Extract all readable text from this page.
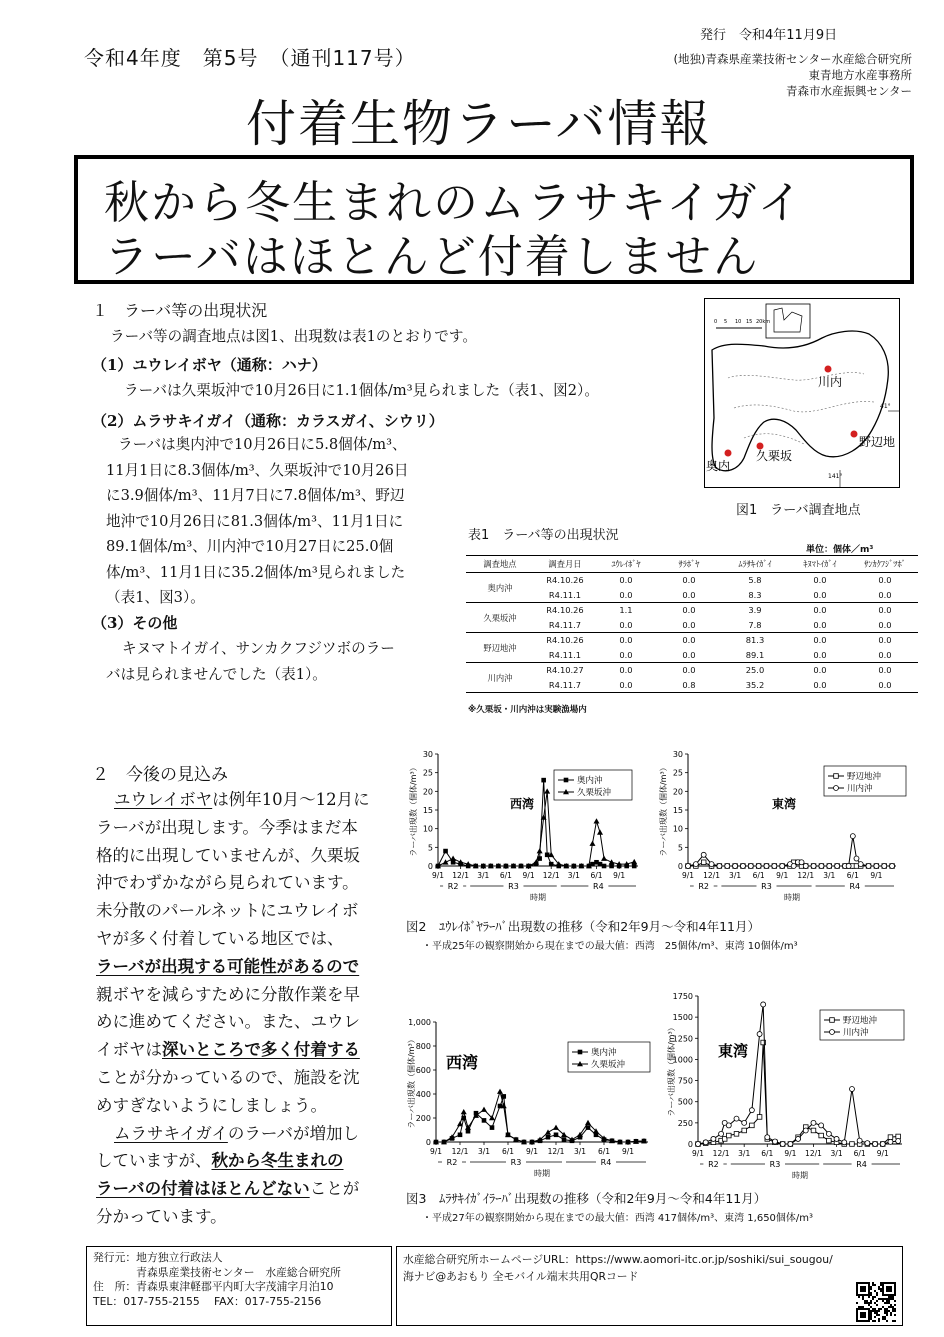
令和4年度　第5号　（通刊117号）
発行　令和4年11月9日
(地独)青森県産業技術センター水産総合研究所
東青地方水産事務所
青森市水産振興センター
付着生物ラーバ情報
秋から冬生まれのムラサキイガイ
ラーバはほとんど付着しません
１　ラーバ等の出現状況
ラーバ等の調査地点は図1、出現数は表1のとおりです。
（1）ユウレイボヤ（通称：ハナ）
ラーバは久栗坂沖で10月26日に1.1個体/m³見られました（表1、図2）。
（2）ムラサキイガイ（通称：カラスガイ、シウリ）
ラーバは奥内沖で10月26日に5.8個体/m³、
11月1日に8.3個体/m³、久栗坂沖で10月26日
に3.9個体/m³、11月7日に7.8個体/m³、野辺
地沖で10月26日に81.3個体/m³、11月1日に
89.1個体/m³、川内沖で10月27日に25.0個
体/m³、11月1日に35.2個体/m³見られました
（表1、図3）。
（3）その他
キヌマトイガイ、サンカクフジツボのラー
バは見られませんでした（表1）。
0 5 10 15 20km
41°
141°
川内
野辺地
久栗坂
奥内
図1　ラーバ調査地点
表1　ラーバ等の出現状況
単位：個体／m³
調査地点	調査月日	ﾕｳﾚｲﾎﾞﾔ	ｻﾗﾎﾞﾔ	ﾑﾗｻｷｲｶﾞｲ	ｷﾇﾏﾄｲｶﾞｲ	ｻﾝｶｸﾌｼﾞﾂﾎﾞ
奥内沖	R4.10.26	0.0	0.0	5.8	0.0	0.0
	R4.11.1	0.0	0.0	8.3	0.0	0.0
久栗坂沖	R4.10.26	1.1	0.0	3.9	0.0	0.0
	R4.11.7	0.0	0.0	7.8	0.0	0.0
野辺地沖	R4.10.26	0.0	0.0	81.3	0.0	0.0
	R4.11.1	0.0	0.0	89.1	0.0	0.0
川内沖	R4.10.27	0.0	0.0	25.0	0.0	0.0
	R4.11.7	0.0	0.8	35.2	0.0	0.0
※久栗坂・川内沖は実験漁場内
２　今後の見込み
ユウレイボヤは例年10月～12月に
ラーバが出現します。今季はまだ本
格的に出現していませんが、久栗坂
沖でわずかながら見られています。
未分散のパールネットにユウレイボ
ヤが多く付着している地区では、
ラーバが出現する可能性があるので
親ボヤを減らすために分散作業を早
めに進めてください。また、ユウレ
イボヤは深いところで多く付着する
ことが分かっているので、施設を沈
めすぎないようにしましょう。
ムラサキイガイのラーバが増加し
していますが、秋から冬生まれの
ラーバの付着はほとんどないことが
分かっています。
0
5
10
15
20
25
30
9/1 12/1 3/1 6/1 9/1 12/1 3/1 6/1 9/1
R2	R3	R4
時期
ラーバ出現数（個体/m³）	西湾
奥内沖
久栗坂沖
0
5
10
15
20
25
30
9/1 12/1 3/1 6/1 9/1 12/1 3/1 6/1 9/1
R2	R3	R4
時期
ラーバ出現数（個体/m³）	東湾
野辺地沖
川内沖
図2　ﾕｳﾚｲﾎﾞﾔﾗｰﾊﾞ出現数の推移（令和2年9月～令和4年11月）
・平成25年の観察開始から現在までの最大値：西湾　25個体/m³、東湾 10個体/m³
0
200
400
600
800
1,000
9/1 12/1 3/1 6/1 9/1 12/1 3/1 6/1 9/1
R2	R3	R4
時期
ラーバ出現数（個体/m³） 西湾	奥内沖
久栗坂沖
0
250
500
750
1000
1250
1500
1750
9/1 12/1 3/1 6/1 9/1 12/1 3/1 6/1 9/1
R2	R3	R4
時期
ラーバ出現数（個体/m³）	東湾
野辺地沖
川内沖
図3　ﾑﾗｻｷｲｶﾞｲﾗｰﾊﾞ出現数の推移（令和2年9月～令和4年11月）
・平成27年の観察開始から現在までの最大値：西湾 417個体/m³、東湾 1,650個体/m³
発行元：地方独立行政法人
　　　　青森県産業技術センター　水産総合研究所
住　所：青森県東津軽郡平内町大字茂浦字月泊10
TEL：017-755-2155　 FAX：017-755-2156
水産総合研究所ホームページURL：https://www.aomori-itc.or.jp/soshiki/sui_sougou/
海ナビ@あおもり 全モバイル端末共用QRコード
